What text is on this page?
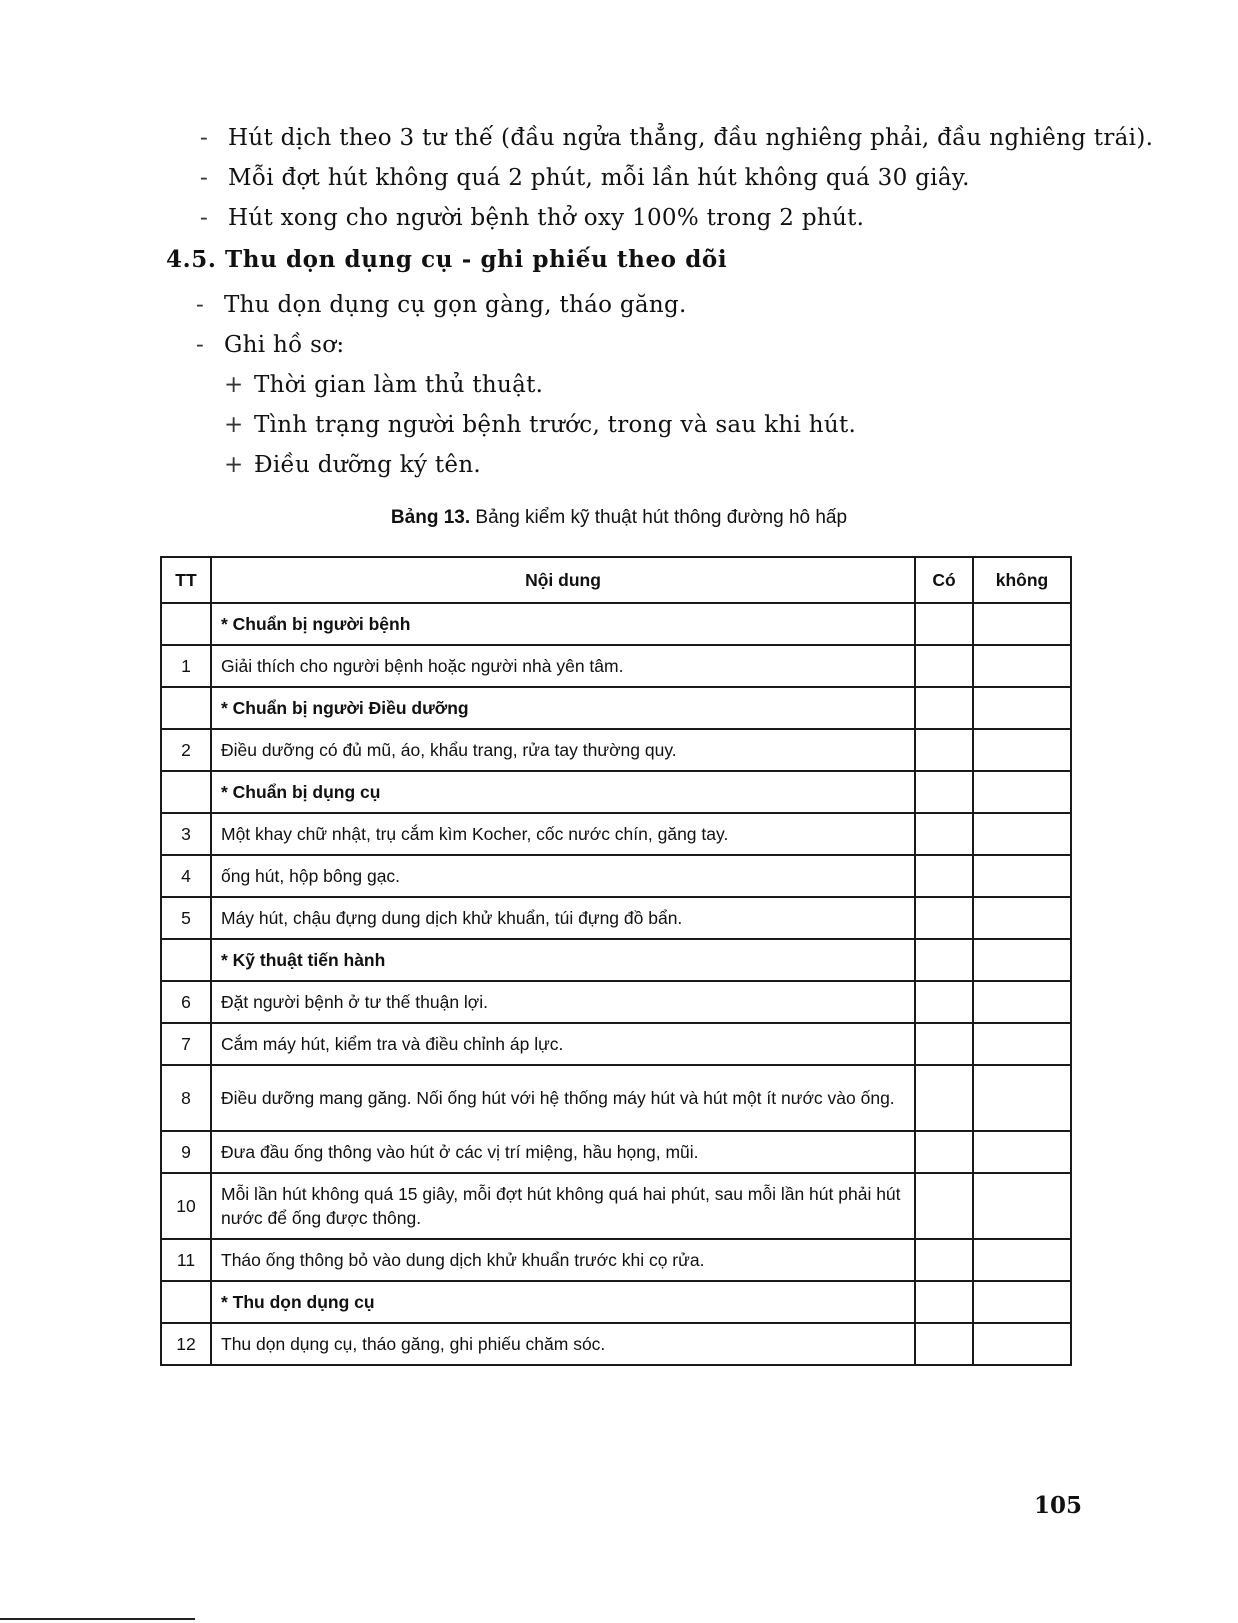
- Hút dịch theo 3 tư thế (đầu ngửa thẳng, đầu nghiêng phải, đầu nghiêng trái).
- Mỗi đợt hút không quá 2 phút, mỗi lần hút không quá 30 giây.
- Hút xong cho người bệnh thở oxy 100% trong 2 phút.
4.5. Thu dọn dụng cụ - ghi phiếu theo dõi
- Thu dọn dụng cụ gọn gàng, tháo găng.
- Ghi hồ sơ:
+ Thời gian làm thủ thuật.
+ Tình trạng người bệnh trước, trong và sau khi hút.
+ Điều dưỡng ký tên.
Bảng 13. Bảng kiểm kỹ thuật hút thông đường hô hấp
TT	Nội dung	Có	không
	* Chuẩn bị người bệnh		
1	Giải thích cho người bệnh hoặc người nhà yên tâm.		
	* Chuẩn bị người Điều dưỡng		
2	Điều dưỡng có đủ mũ, áo, khẩu trang, rửa tay thường quy.		
	* Chuẩn bị dụng cụ		
3	Một khay chữ nhật, trụ cắm kìm Kocher, cốc nước chín, găng tay.		
4	ống hút, hộp bông gạc.		
5	Máy hút, chậu đựng dung dịch khử khuẩn, túi đựng đồ bẩn.		
	* Kỹ thuật tiến hành		
6	Đặt người bệnh ở tư thế thuận lợi.		
7	Cắm máy hút, kiểm tra và điều chỉnh áp lực.		
8	Điều dưỡng mang găng. Nối ống hút với hệ thống máy hút và hút một ít nước vào ống.		
9	Đưa đầu ống thông vào hút ở các vị trí miệng, hầu họng, mũi.		
10	Mỗi lần hút không quá 15 giây, mỗi đợt hút không quá hai phút, sau mỗi lần hút phải hút nước để ống được thông.		
11	Tháo ống thông bỏ vào dung dịch khử khuẩn trước khi cọ rửa.		
	* Thu dọn dụng cụ		
12	Thu dọn dụng cụ, tháo găng, ghi phiếu chăm sóc.		
105
